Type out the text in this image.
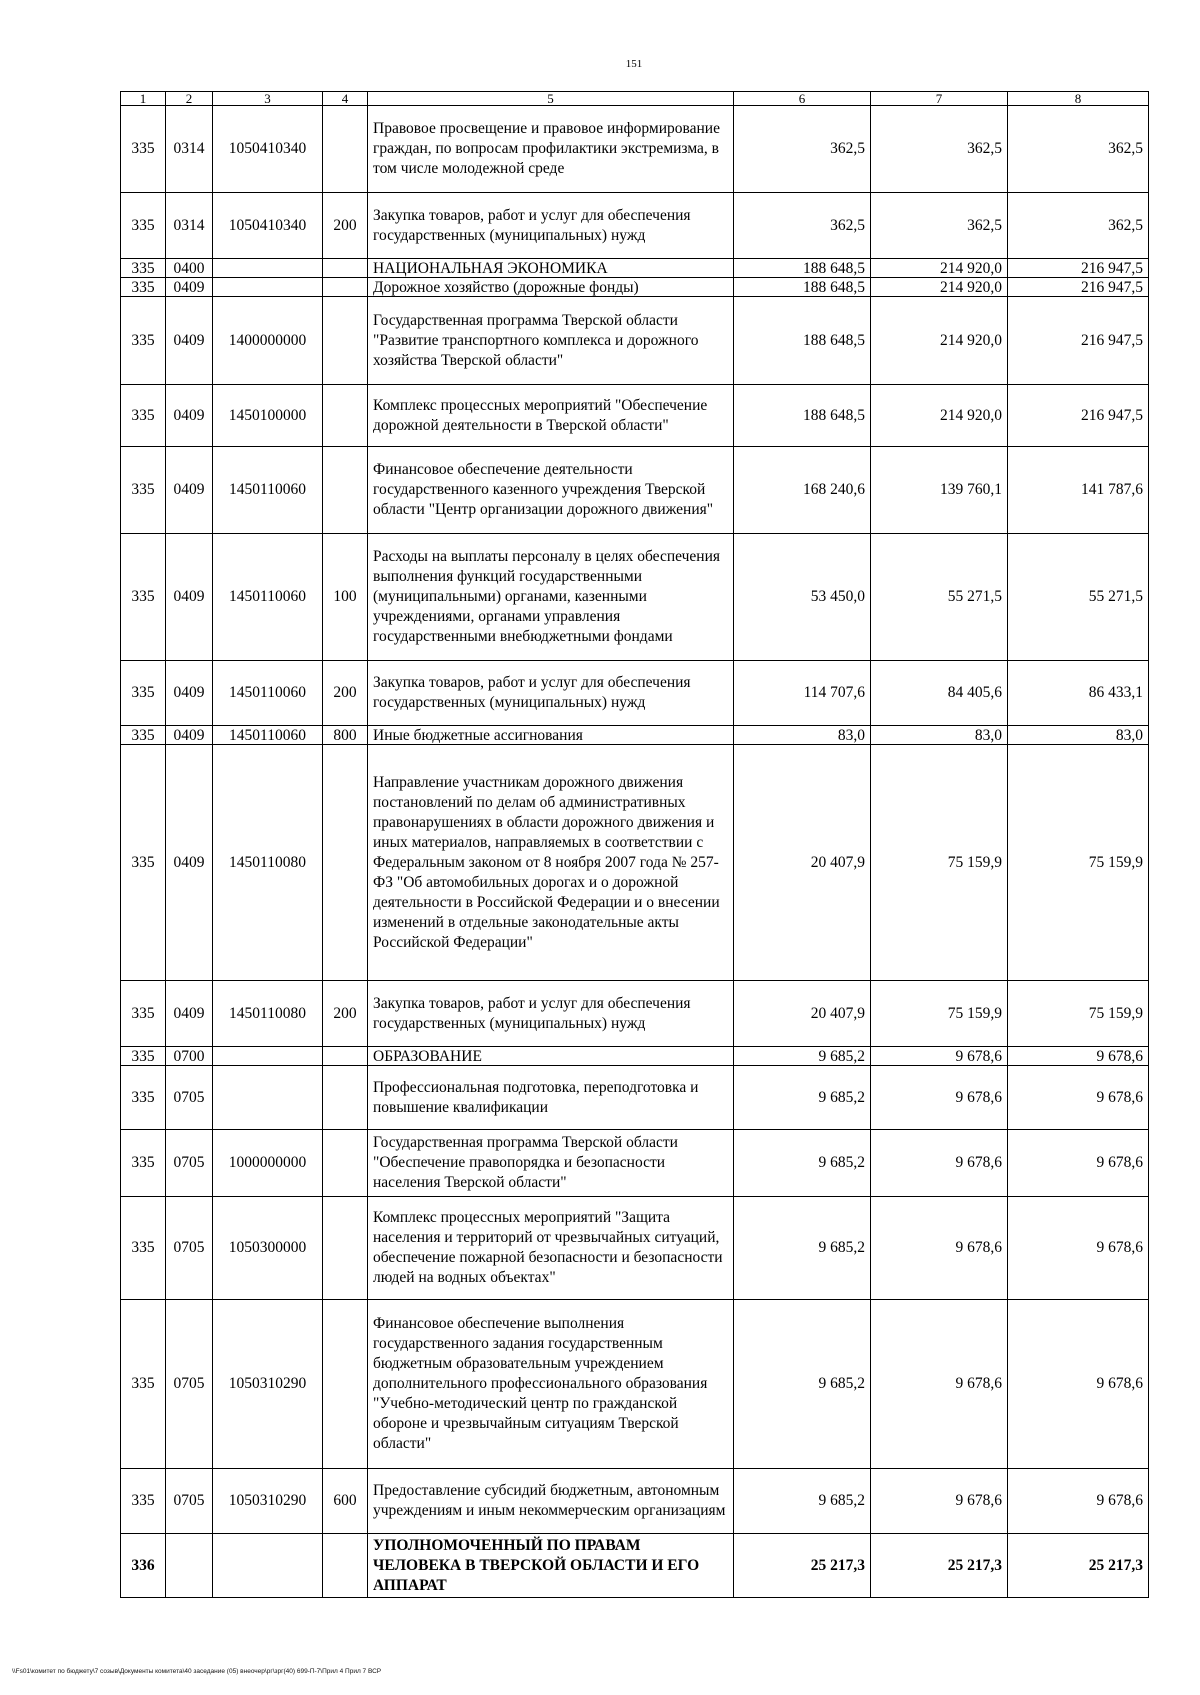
151
1	2	3	4	5	6	7	8
335	0314	1050410340		Правовое просвещение и правовое информирование граждан, по вопросам профилактики экстремизма, в том числе молодежной среде	362,5	362,5	362,5
335	0314	1050410340	200	Закупка товаров, работ и услуг для обеспечения государственных (муниципальных) нужд	362,5	362,5	362,5
335	0400			НАЦИОНАЛЬНАЯ ЭКОНОМИКА	188 648,5	214 920,0	216 947,5
335	0409			Дорожное хозяйство (дорожные фонды)	188 648,5	214 920,0	216 947,5
335	0409	1400000000		Государственная программа Тверской области "Развитие транспортного комплекса и дорожного хозяйства Тверской области"	188 648,5	214 920,0	216 947,5
335	0409	1450100000		Комплекс процессных мероприятий "Обеспечение дорожной деятельности в Тверской области"	188 648,5	214 920,0	216 947,5
335	0409	1450110060		Финансовое обеспечение деятельности государственного казенного учреждения Тверской области "Центр организации дорожного движения"	168 240,6	139 760,1	141 787,6
335	0409	1450110060	100	Расходы на выплаты персоналу в целях обеспечения выполнения функций государственными (муниципальными) органами, казенными учреждениями, органами управления государственными внебюджетными фондами	53 450,0	55 271,5	55 271,5
335	0409	1450110060	200	Закупка товаров, работ и услуг для обеспечения государственных (муниципальных) нужд	114 707,6	84 405,6	86 433,1
335	0409	1450110060	800	Иные бюджетные ассигнования	83,0	83,0	83,0
335	0409	1450110080		Направление участникам дорожного движения постановлений по делам об административных правонарушениях в области дорожного движения и иных материалов, направляемых в соответствии с Федеральным законом от 8 ноября 2007 года № 257-ФЗ "Об автомобильных дорогах и о дорожной деятельности в Российской Федерации и о внесении изменений в отдельные законодательные акты Российской Федерации"	20 407,9	75 159,9	75 159,9
335	0409	1450110080	200	Закупка товаров, работ и услуг для обеспечения государственных (муниципальных) нужд	20 407,9	75 159,9	75 159,9
335	0700			ОБРАЗОВАНИЕ	9 685,2	9 678,6	9 678,6
335	0705			Профессиональная подготовка, переподготовка и повышение квалификации	9 685,2	9 678,6	9 678,6
335	0705	1000000000		Государственная программа Тверской области "Обеспечение правопорядка и безопасности населения Тверской области"	9 685,2	9 678,6	9 678,6
335	0705	1050300000		Комплекс процессных мероприятий "Защита населения и территорий от чрезвычайных ситуаций, обеспечение пожарной безопасности и безопасности людей на водных объектах"	9 685,2	9 678,6	9 678,6
335	0705	1050310290		Финансовое обеспечение выполнения государственного задания государственным бюджетным образовательным учреждением дополнительного профессионального образования "Учебно-методический центр по гражданской обороне и чрезвычайным ситуациям Тверской области"	9 685,2	9 678,6	9 678,6
335	0705	1050310290	600	Предоставление субсидий бюджетным, автономным учреждениям и иным некоммерческим организациям	9 685,2	9 678,6	9 678,6
336				УПОЛНОМОЧЕННЫЙ ПО ПРАВАМ ЧЕЛОВЕКА В ТВЕРСКОЙ ОБЛАСТИ И ЕГО АППАРАТ	25 217,3	25 217,3	25 217,3
\\Fs01\комитет по бюджету\7 созыв\Документы комитета\40 заседание (05) внеочер\рг\зрг(40) 699-П-7\Прил 4 Прил 7 ВСР
